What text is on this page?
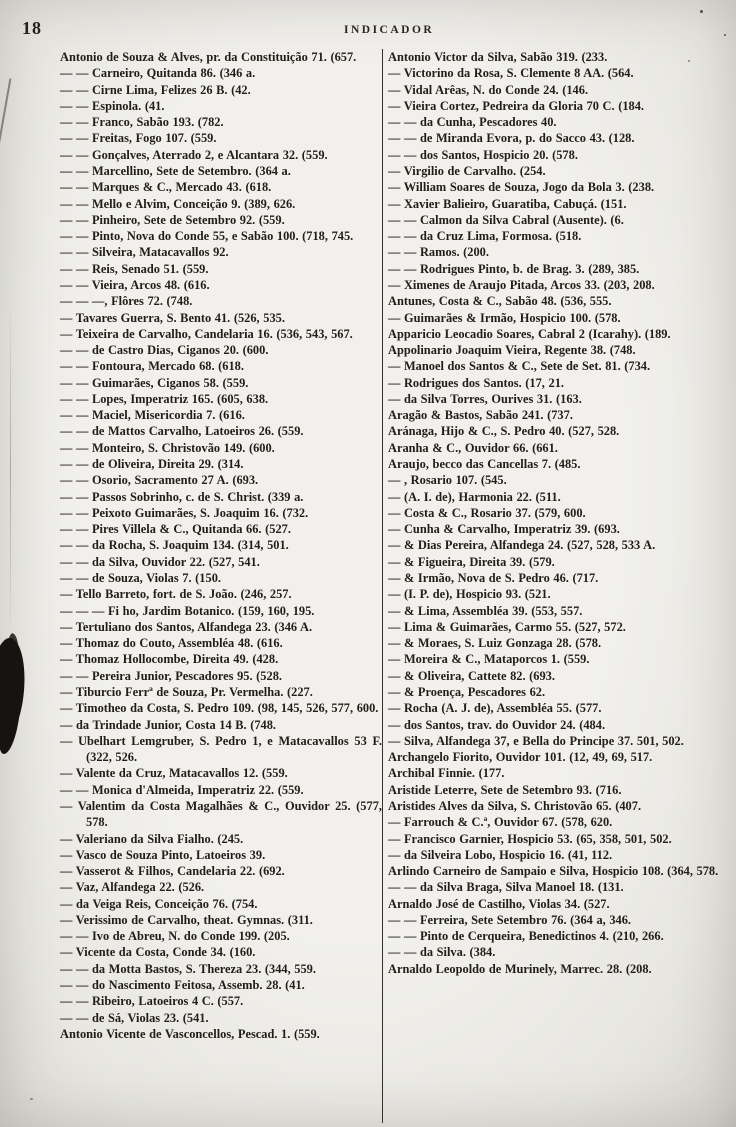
18	INDICADOR
Antonio de Souza & Alves, pr. da Constituição 71. (657.
— — Carneiro, Quitanda 86. (346 a.
— — Cirne Lima, Felizes 26 B. (42.
— — Espinola. (41.
— — Franco, Sabão 193. (782.
— — Freitas, Fogo 107. (559.
— — Gonçalves, Aterrado 2, e Alcantara 32. (559.
— — Marcellino, Sete de Setembro. (364 a.
— — Marques & C., Mercado 43. (618.
— — Mello e Alvim, Conceição 9. (389, 626.
— — Pinheiro, Sete de Setembro 92. (559.
— — Pinto, Nova do Conde 55, e Sabão 100. (718, 745.
— — Silveira, Matacavallos 92.
— — Reis, Senado 51. (559.
— — Vieira, Arcos 48. (616.
— — —, Flôres 72. (748.
— Tavares Guerra, S. Bento 41. (526, 535.
— Teixeira de Carvalho, Candelaria 16. (536, 543, 567.
— — de Castro Dias, Ciganos 20. (600.
— — Fontoura, Mercado 68. (618.
— — Guimarães, Ciganos 58. (559.
— — Lopes, Imperatriz 165. (605, 638.
— — Maciel, Misericordia 7. (616.
— — de Mattos Carvalho, Latoeiros 26. (559.
— — Monteiro, S. Christovão 149. (600.
— — de Oliveira, Direita 29. (314.
— — Osorio, Sacramento 27 A. (693.
— — Passos Sobrinho, c. de S. Christ. (339 a.
— — Peixoto Guimarães, S. Joaquim 16. (732.
— — Pires Villela & C., Quitanda 66. (527.
— — da Rocha, S. Joaquim 134. (314, 501.
— — da Silva, Ouvidor 22. (527, 541.
— — de Souza, Violas 7. (150.
— Tello Barreto, fort. de S. João. (246, 257.
— — — Fi ho, Jardim Botanico. (159, 160, 195.
— Tertuliano dos Santos, Alfandega 23. (346 A.
— Thomaz do Couto, Assembléa 48. (616.
— Thomaz Hollocombe, Direita 49. (428.
— — Pereira Junior, Pescadores 95. (528.
— Tiburcio Ferrª de Souza, Pr. Vermelha. (227.
— Timotheo da Costa, S. Pedro 109. (98, 145, 526, 577, 600.
— da Trindade Junior, Costa 14 B. (748.
— Ubelhart Lemgruber, S. Pedro 1, e Matacavallos 53 F. (322, 526.
— Valente da Cruz, Matacavallos 12. (559.
— — Monica d'Almeida, Imperatriz 22. (559.
— Valentim da Costa Magalhães & C., Ouvidor 25. (577, 578.
— Valeriano da Silva Fialho. (245.
— Vasco de Souza Pinto, Latoeiros 39.
— Vasserot & Filhos, Candelaria 22. (692.
— Vaz, Alfandega 22. (526.
— da Veiga Reis, Conceição 76. (754.
— Verissimo de Carvalho, theat. Gymnas. (311.
— — Ivo de Abreu, N. do Conde 199. (205.
— Vicente da Costa, Conde 34. (160.
— — da Motta Bastos, S. Thereza 23. (344, 559.
— — do Nascimento Feitosa, Assemb. 28. (41.
— — Ribeiro, Latoeiros 4 C. (557.
— — de Sá, Violas 23. (541.
Antonio Vicente de Vasconcellos, Pescad. 1. (559.
Antonio Victor da Silva, Sabão 319. (233.
— Victorino da Rosa, S. Clemente 8 AA. (564.
— Vidal Arêas, N. do Conde 24. (146.
— Vieira Cortez, Pedreira da Gloria 70 C. (184.
— — da Cunha, Pescadores 40.
— — de Miranda Evora, p. do Sacco 43. (128.
— — dos Santos, Hospicio 20. (578.
— Virgilio de Carvalho. (254.
— William Soares de Souza, Jogo da Bola 3. (238.
— Xavier Balieiro, Guaratiba, Cabuçá. (151.
— — Calmon da Silva Cabral (Ausente). (6.
— — da Cruz Lima, Formosa. (518.
— — Ramos. (200.
— — Rodrigues Pinto, b. de Brag. 3. (289, 385.
— Ximenes de Araujo Pitada, Arcos 33. (203, 208.
Antunes, Costa & C., Sabão 48. (536, 555.
— Guimarães & Irmão, Hospicio 100. (578.
Apparicio Leocadio Soares, Cabral 2 (Icarahy). (189.
Appolinario Joaquim Vieira, Regente 38. (748.
— Manoel dos Santos & C., Sete de Set. 81. (734.
— Rodrigues dos Santos. (17, 21.
— da Silva Torres, Ourives 31. (163.
Aragão & Bastos, Sabão 241. (737.
Aránaga, Hijo & C., S. Pedro 40. (527, 528.
Aranha & C., Ouvidor 66. (661.
Araujo, becco das Cancellas 7. (485.
— , Rosario 107. (545.
— (A. I. de), Harmonia 22. (511.
— Costa & C., Rosario 37. (579, 600.
— Cunha & Carvalho, Imperatriz 39. (693.
— & Dias Pereira, Alfandega 24. (527, 528, 533 A.
— & Figueira, Direita 39. (579.
— & Irmão, Nova de S. Pedro 46. (717.
— (I. P. de), Hospicio 93. (521.
— & Lima, Assembléa 39. (553, 557.
— Lima & Guimarães, Carmo 55. (527, 572.
— & Moraes, S. Luiz Gonzaga 28. (578.
— Moreira & C., Mataporcos 1. (559.
— & Oliveira, Cattete 82. (693.
— & Proença, Pescadores 62.
— Rocha (A. J. de), Assembléa 55. (577.
— dos Santos, trav. do Ouvidor 24. (484.
— Silva, Alfandega 37, e Bella do Principe 37. 501, 502.
Archangelo Fiorito, Ouvidor 101. (12, 49, 69, 517.
Archibal Finnie. (177.
Aristide Leterre, Sete de Setembro 93. (716.
Aristides Alves da Silva, S. Christovão 65. (407.
— Farrouch & C.ª, Ouvidor 67. (578, 620.
— Francisco Garnier, Hospicio 53. (65, 358, 501, 502.
— da Silveira Lobo, Hospicio 16. (41, 112.
Arlindo Carneiro de Sampaio e Silva, Hospicio 108. (364, 578.
— — da Silva Braga, Silva Manoel 18. (131.
Arnaldo José de Castilho, Violas 34. (527.
— — Ferreira, Sete Setembro 76. (364 a, 346.
— — Pinto de Cerqueira, Benedictinos 4. (210, 266.
— — da Silva. (384.
Arnaldo Leopoldo de Murinely, Marrec. 28. (208.
